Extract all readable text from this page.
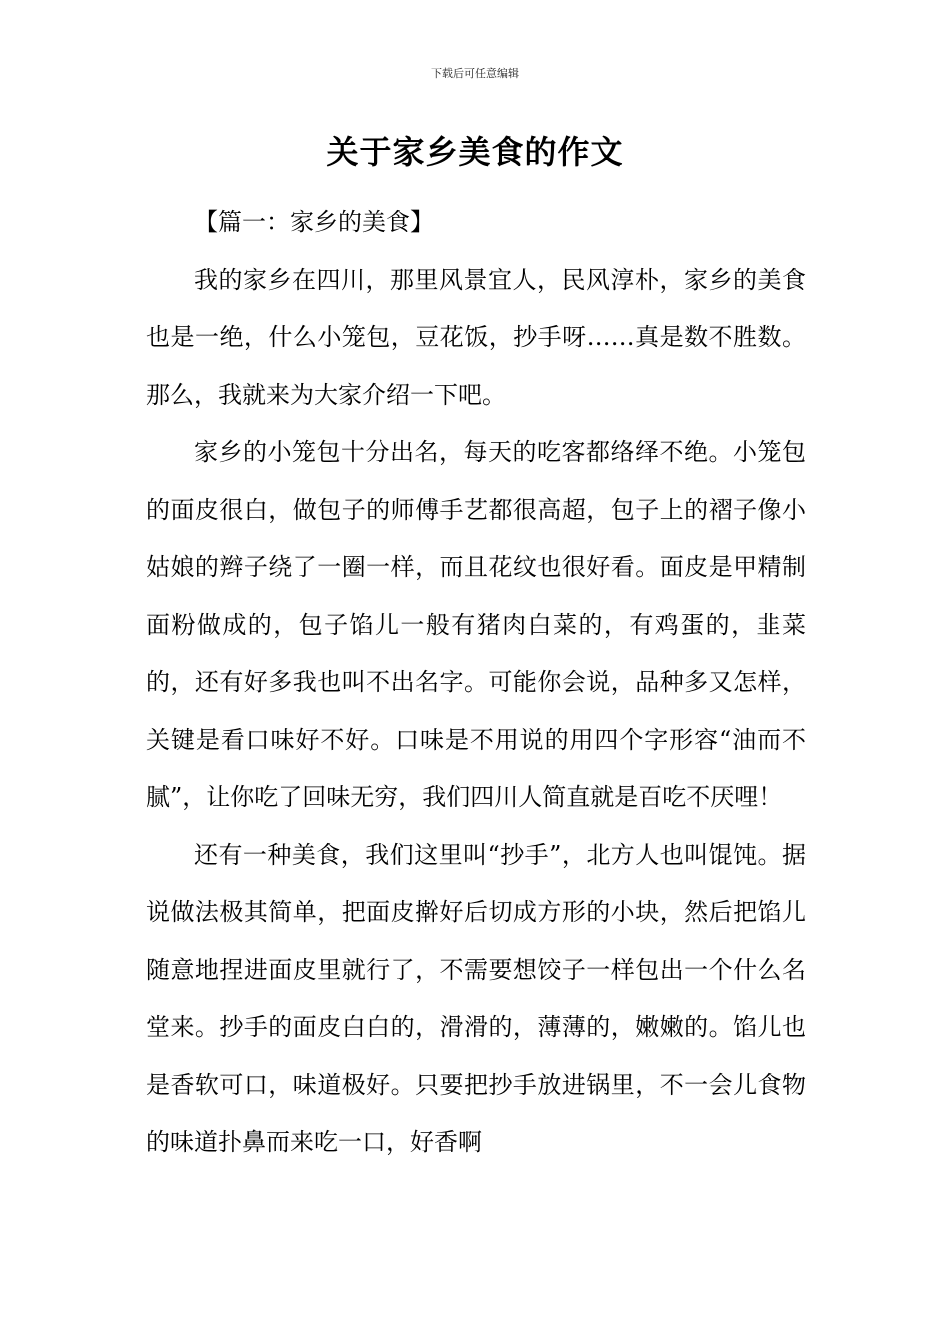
下载后可任意编辑
关于家乡美食的作文

【篇一：家乡的美食】

我的家乡在四川，那里风景宜人，民风淳朴，家乡的美食也是一绝，什么小笼包，豆花饭，抄手呀……真是数不胜数。那么，我就来为大家介绍一下吧。

家乡的小笼包十分出名，每天的吃客都络绎不绝。小笼包的面皮很白，做包子的师傅手艺都很高超，包子上的褶子像小姑娘的辫子绕了一圈一样，而且花纹也很好看。面皮是甲精制面粉做成的，包子馅儿一般有猪肉白菜的，有鸡蛋的，韭菜的，还有好多我也叫不出名字。可能你会说，品种多又怎样，关键是看口味好不好。口味是不用说的用四个字形容“油而不腻”，让你吃了回味无穷，我们四川人简直就是百吃不厌哩！

还有一种美食，我们这里叫“抄手”，北方人也叫馄饨。据说做法极其简单，把面皮擀好后切成方形的小块，然后把馅儿随意地捏进面皮里就行了，不需要想饺子一样包出一个什么名堂来。抄手的面皮白白的，滑滑的，薄薄的，嫩嫩的。馅儿也是香软可口，味道极好。只要把抄手放进锅里，不一会儿食物的味道扑鼻而来吃一口，好香啊
